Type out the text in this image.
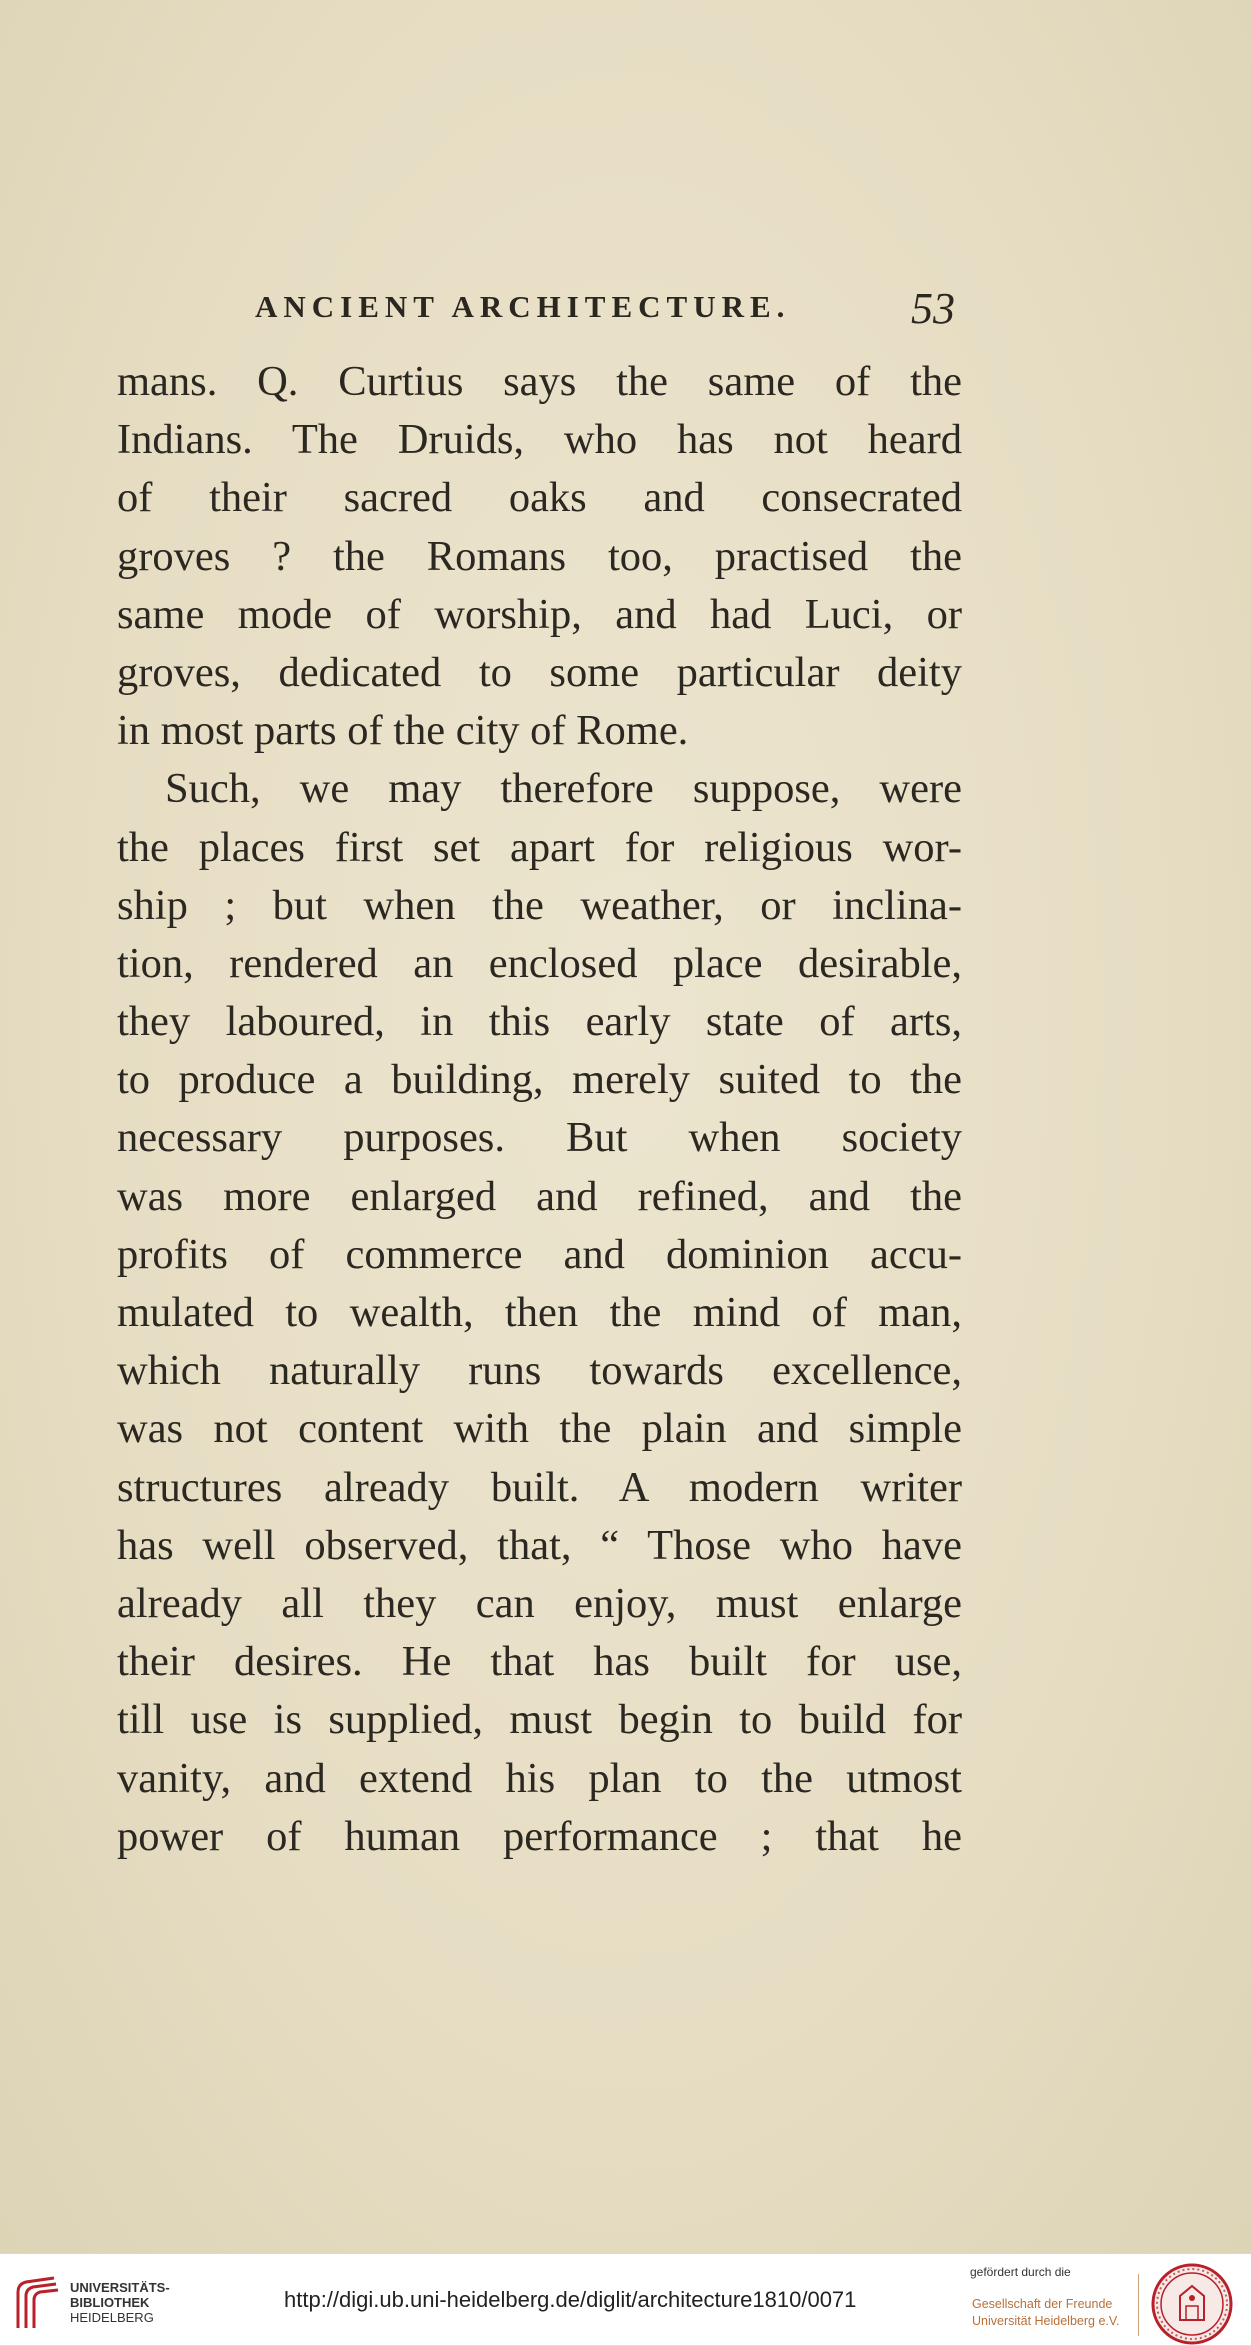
ANCIENT ARCHITECTURE.	53
mans. Q. Curtius says the same of the
Indians. The Druids, who has not heard
of their sacred oaks and consecrated
groves ? the Romans too, practised the
same mode of worship, and had Luci, or
groves, dedicated to some particular deity
in most parts of the city of Rome.
Such, we may therefore suppose, were
the places first set apart for religious wor-
ship ; but when the weather, or inclina-
tion, rendered an enclosed place desirable,
they laboured, in this early state of arts,
to produce a building, merely suited to the
necessary purposes. But when society
was more enlarged and refined, and the
profits of commerce and dominion accu-
mulated to wealth, then the mind of man,
which naturally runs towards excellence,
was not content with the plain and simple
structures already built. A modern writer
has well observed, that, “ Those who have
already all they can enjoy, must enlarge
their desires. He that has built for use,
till use is supplied, must begin to build for
vanity, and extend his plan to the utmost
power of human performance ; that he
UNIVERSITÄTS-
BIBLIOTHEK
HEIDELBERG
http://digi.ub.uni-heidelberg.de/diglit/architecture1810/0071
gefördert durch die
Gesellschaft der Freunde
Universität Heidelberg e.V.
